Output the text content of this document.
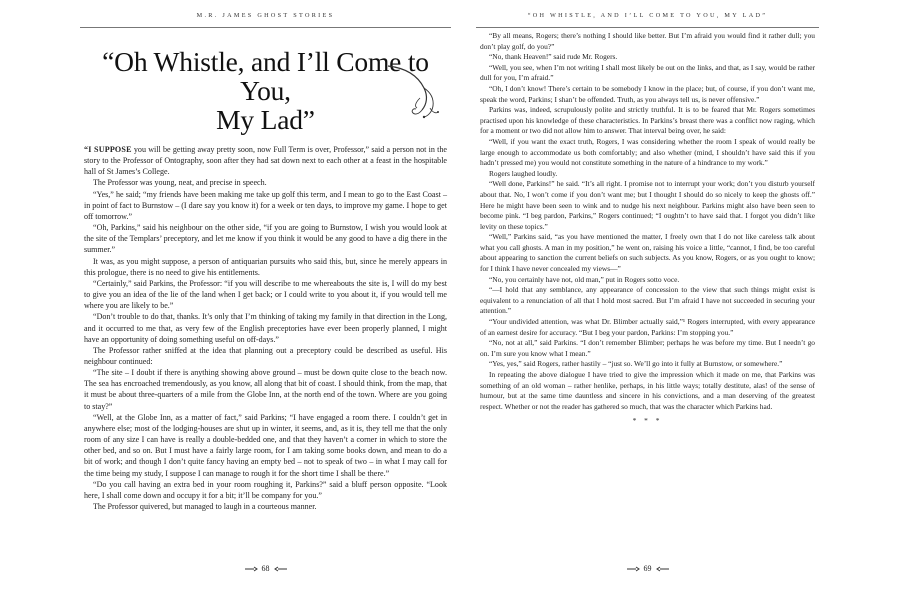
M.R. JAMES GHOST STORIES
“Oh Whistle, and I’ll Come to You,
My Lad”

“I SUPPOSE you will be getting away pretty soon, now Full Term is over, Professor,” said a person not in the story to the Professor of Ontography, soon after they had sat down next to each other at a feast in the hospitable hall of St James’s College.

The Professor was young, neat, and precise in speech.

“Yes,” he said; “my friends have been making me take up golf this term, and I mean to go to the East Coast – in point of fact to Burnstow – (I dare say you know it) for a week or ten days, to improve my game. I hope to get off tomorrow.”

“Oh, Parkins,” said his neighbour on the other side, “if you are going to Burnstow, I wish you would look at the site of the Templars’ preceptory, and let me know if you think it would be any good to have a dig there in the summer.”

It was, as you might suppose, a person of antiquarian pursuits who said this, but, since he merely appears in this prologue, there is no need to give his entitlements.

“Certainly,” said Parkins, the Professor: “if you will describe to me whereabouts the site is, I will do my best to give you an idea of the lie of the land when I get back; or I could write to you about it, if you would tell me where you are likely to be.”

“Don’t trouble to do that, thanks. It’s only that I’m thinking of taking my family in that direction in the Long, and it occurred to me that, as very few of the English preceptories have ever been properly planned, I might have an opportunity of doing something useful on off-days.”

The Professor rather sniffed at the idea that planning out a preceptory could be described as useful. His neighbour continued:

“The site – I doubt if there is anything showing above ground – must be down quite close to the beach now. The sea has encroached tremendously, as you know, all along that bit of coast. I should think, from the map, that it must be about three-quarters of a mile from the Globe Inn, at the north end of the town. Where are you going to stay?”

“Well, at the Globe Inn, as a matter of fact,” said Parkins; “I have engaged a room there. I couldn’t get in anywhere else; most of the lodging-houses are shut up in winter, it seems, and, as it is, they tell me that the only room of any size I can have is really a double-bedded one, and that they haven’t a corner in which to store the other bed, and so on. But I must have a fairly large room, for I am taking some books down, and mean to do a bit of work; and though I don’t quite fancy having an empty bed – not to speak of two – in what I may call for the time being my study, I suppose I can manage to rough it for the short time I shall be there.”

“Do you call having an extra bed in your room roughing it, Parkins?” said a bluff person opposite. “Look here, I shall come down and occupy it for a bit; it’ll be company for you.”

The Professor quivered, but managed to laugh in a courteous manner.

68
“OH WHISTLE, AND I’LL COME TO YOU, MY LAD”

“By all means, Rogers; there’s nothing I should like better. But I’m afraid you would find it rather dull; you don’t play golf, do you?”

“No, thank Heaven!” said rude Mr. Rogers.

“Well, you see, when I’m not writing I shall most likely be out on the links, and that, as I say, would be rather dull for you, I’m afraid.”

“Oh, I don’t know! There’s certain to be somebody I know in the place; but, of course, if you don’t want me, speak the word, Parkins; I shan’t be offended. Truth, as you always tell us, is never offensive.”

Parkins was, indeed, scrupulously polite and strictly truthful. It is to be feared that Mr. Rogers sometimes practised upon his knowledge of these characteristics. In Parkins’s breast there was a conflict now raging, which for a moment or two did not allow him to answer. That interval being over, he said:

“Well, if you want the exact truth, Rogers, I was considering whether the room I speak of would really be large enough to accommodate us both comfortably; and also whether (mind, I shouldn’t have said this if you hadn’t pressed me) you would not constitute something in the nature of a hindrance to my work.”

Rogers laughed loudly.

“Well done, Parkins!” he said. “It’s all right. I promise not to interrupt your work; don’t you disturb yourself about that. No, I won’t come if you don’t want me; but I thought I should do so nicely to keep the ghosts off.” Here he might have been seen to wink and to nudge his next neighbour. Parkins might also have been seen to become pink. “I beg pardon, Parkins,” Rogers continued; “I oughtn’t to have said that. I forgot you didn’t like levity on these topics.”

“Well,” Parkins said, “as you have mentioned the matter, I freely own that I do not like careless talk about what you call ghosts. A man in my position,” he went on, raising his voice a little, “cannot, I find, be too careful about appearing to sanction the current beliefs on such subjects. As you know, Rogers, or as you ought to know; for I think I have never concealed my views—”

“No, you certainly have not, old man,” put in Rogers sotto voce.

“—I hold that any semblance, any appearance of concession to the view that such things might exist is equivalent to a renunciation of all that I hold most sacred. But I’m afraid I have not succeeded in securing your attention.”

“Your undivided attention, was what Dr. Blimber actually said,”¹ Rogers interrupted, with every appearance of an earnest desire for accuracy. “But I beg your pardon, Parkins: I’m stopping you.”

“No, not at all,” said Parkins. “I don’t remember Blimber; perhaps he was before my time. But I needn’t go on. I’m sure you know what I mean.”

“Yes, yes,” said Rogers, rather hastily – “just so. We’ll go into it fully at Burnstow, or somewhere.”

In repeating the above dialogue I have tried to give the impression which it made on me, that Parkins was something of an old woman – rather henlike, perhaps, in his little ways; totally destitute, alas! of the sense of humour, but at the same time dauntless and sincere in his convictions, and a man deserving of the greatest respect. Whether or not the reader has gathered so much, that was the character which Parkins had.

* * *

69
